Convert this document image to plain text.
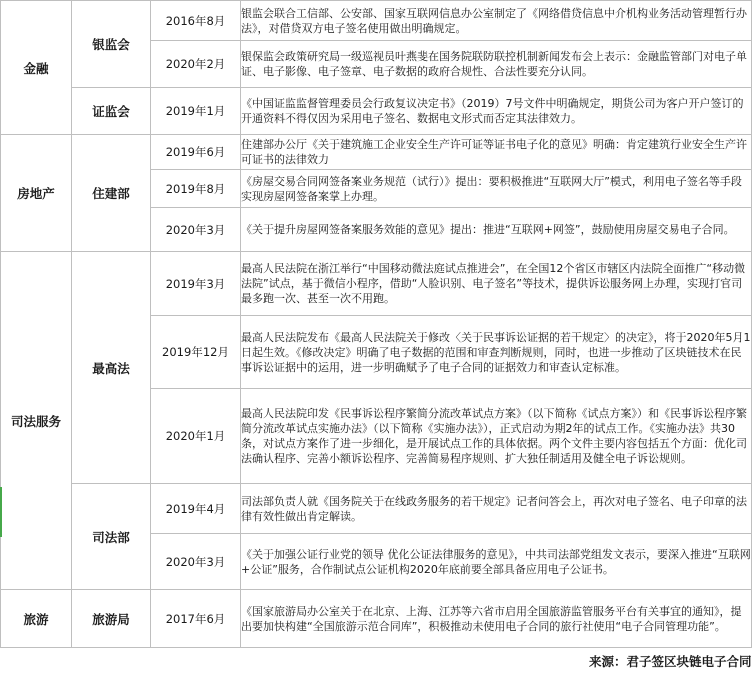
金融	银监会	2016年8月	银监会联合工信部、公安部、国家互联网信息办公室制定了《网络借贷信息中介机构业务活动管理暂行办法》，对借贷双方电子签名使用做出明确规定。
		2020年2月	银保监会政策研究局一级巡视员叶燕斐在国务院联防联控机制新闻发布会上表示：金融监管部门对电子单证、电子影像、电子签章、电子数据的政府合规性、合法性要充分认同。
	证监会	2019年1月	《中国证监监督管理委员会行政复议决定书》（2019）7号文件中明确规定，期货公司为客户开户签订的开通资料不得仅因为采用电子签名、数据电文形式而否定其法律效力。
房地产	住建部	2019年6月	住建部办公厅《关于建筑施工企业安全生产许可证等证书电子化的意见》明确：肯定建筑行业安全生产许可证书的法律效力
		2019年8月	《房屋交易合同网签备案业务规范（试行）》提出：要积极推进“互联网大厅”模式，利用电子签名等手段实现房屋网签备案掌上办理。
		2020年3月	《关于提升房屋网签备案服务效能的意见》提出：推进“互联网+网签”，鼓励使用房屋交易电子合同。
司法服务	最高法	2019年3月	最高人民法院在浙江举行“中国移动微法庭试点推进会”，在全国12个省区市辖区内法院全面推广“移动微法院”试点，基于微信小程序，借助“人脸识别、电子签名”等技术，提供诉讼服务网上办理，实现打官司最多跑一次、甚至一次不用跑。
		2019年12月	最高人民法院发布《最高人民法院关于修改〈关于民事诉讼证据的若干规定〉的决定》，将于2020年5月1日起生效。《修改决定》明确了电子数据的范围和审查判断规则，同时，也进一步推动了区块链技术在民事诉讼证据中的运用，进一步明确赋予了电子合同的证据效力和审查认定标准。
		2020年1月	最高人民法院印发《民事诉讼程序繁简分流改革试点方案》（以下简称《试点方案》）和《民事诉讼程序繁简分流改革试点实施办法》（以下简称《实施办法》），正式启动为期2年的试点工作。《实施办法》共30条，对试点方案作了进一步细化，是开展试点工作的具体依据。两个文件主要内容包括五个方面：优化司法确认程序、完善小额诉讼程序、完善简易程序规则、扩大独任制适用及健全电子诉讼规则。
	司法部	2019年4月	司法部负责人就《国务院关于在线政务服务的若干规定》记者问答会上，再次对电子签名、电子印章的法律有效性做出肯定解读。
		2020年3月	《关于加强公证行业党的领导 优化公证法律服务的意见》，中共司法部党组发文表示，要深入推进“互联网+公证”服务，合作制试点公证机构2020年底前要全部具备应用电子公证书。
旅游	旅游局	2017年6月	《国家旅游局办公室关于在北京、上海、江苏等六省市启用全国旅游监管服务平台有关事宜的通知》，提出要加快构建“全国旅游示范合同库”，积极推动未使用电子合同的旅行社使用“电子合同管理功能”。
来源：君子签区块链电子合同			
